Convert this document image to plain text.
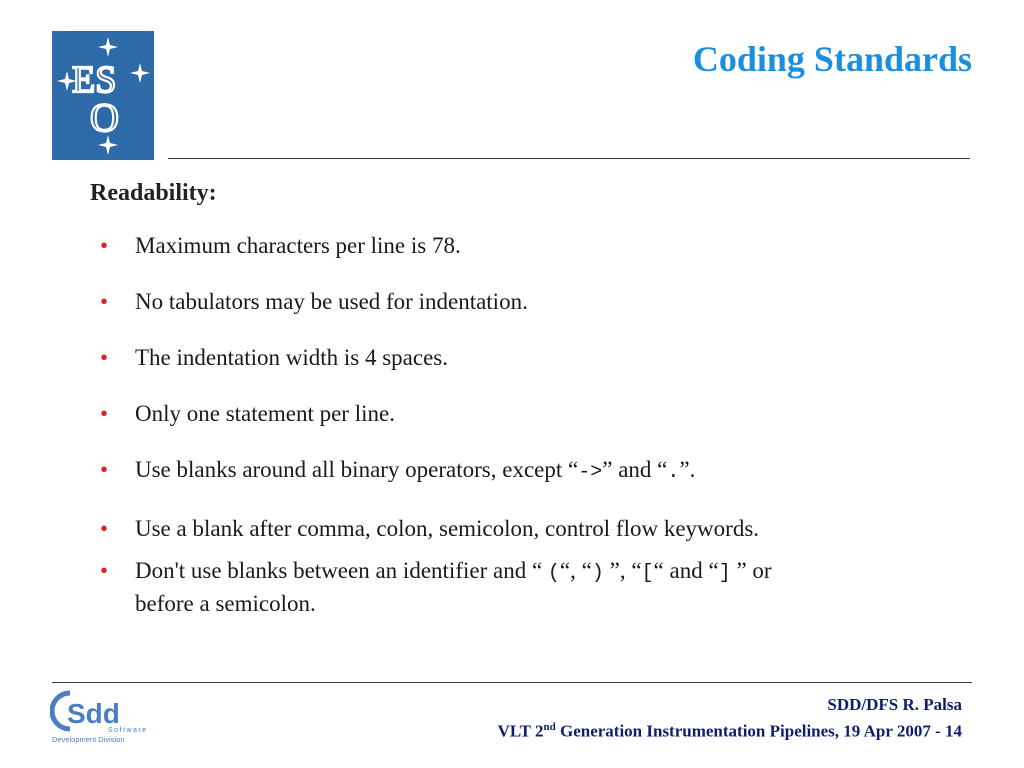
ES
O
Coding Standards
Readability:
• Maximum characters per line is 78.
• No tabulators may be used for indentation.
• The indentation width is 4 spaces.
• Only one statement per line.
• Use blanks around all binary operators, except “->” and “.”.
• Use a blank after comma, colon, semicolon, control flow keywords.
• Don't use blanks between an identifier and “ (“, “) ”, “[“ and “] ” or
before a semicolon.
Sdd
Software
Development Division
SDD/DFS R. Palsa
VLT 2nd Generation Instrumentation Pipelines, 19 Apr 2007 - 14
